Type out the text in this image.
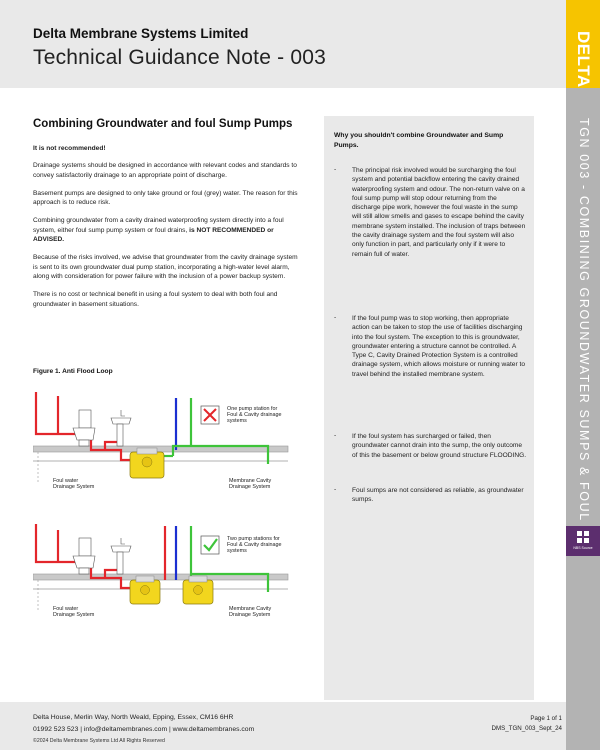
Delta Membrane Systems Limited
Technical Guidance Note - 003	DELTA
TGN 003 - COMBINING GROUNDWATER SUMPS & FOUL
NBS Source
Combining Groundwater and foul Sump Pumps
It is not recommended!
Drainage systems should be designed in accordance with relevant codes and standards to convey satisfactorily drainage to an appropriate point of discharge.
Basement pumps are designed to only take ground or foul (grey) water. The reason for this approach is to reduce risk.
Combining groundwater from a cavity drained waterproofing system directly into a foul system, either foul sump pump system or foul drains, is NOT RECOMMENDED or ADVISED.
Because of the risks involved, we advise that groundwater from the cavity drainage system is sent to its own groundwater dual pump station, incorporating a high-water level alarm, along with consideration for power failure with the inclusion of a power backup system.
There is no cost or technical benefit in using a foul system to deal with both foul and groundwater in basement situations.
Figure 1. Anti Flood Loop
One pump station for Foul & Cavity drainage systems
Foul water Drainage System
Membrane Cavity Drainage System
Two pump stations for Foul & Cavity drainage systems
Foul water Drainage System
Membrane Cavity Drainage System
Why you shouldn't combine Groundwater and Sump Pumps.
- The principal risk involved would be surcharging the foul system and potential backflow entering the cavity drained waterproofing system and odour. The non-return valve on a foul sump pump will stop odour returning from the discharge pipe work, however the foul waste in the sump will still allow smells and gases to escape behind the cavity membrane system installed. The inclusion of traps between the cavity drainage system and the foul system will also only function in part, and particularly only if it were to remain full of water.
- If the foul pump was to stop working, then appropriate action can be taken to stop the use of facilities discharging into the foul system. The exception to this is groundwater, groundwater entering a structure cannot be controlled. A Type C, Cavity Drained Protection System is a controlled drainage system, which allows moisture or running water to travel behind the installed membrane system.
- If the foul system has surcharged or failed, then groundwater cannot drain into the sump, the only outcome of this the basement or below ground structure FLOODING.
- Foul sumps are not considered as reliable, as groundwater sumps.
Delta House, Merlin Way, North Weald, Epping, Essex, CM16 6HR
01992 523 523 | info@deltamembranes.com | www.deltamembranes.com
©2024 Delta Membrane Systems Ltd All Rights Reserved
Page 1 of 1
DMS_TGN_003_Sept_24
